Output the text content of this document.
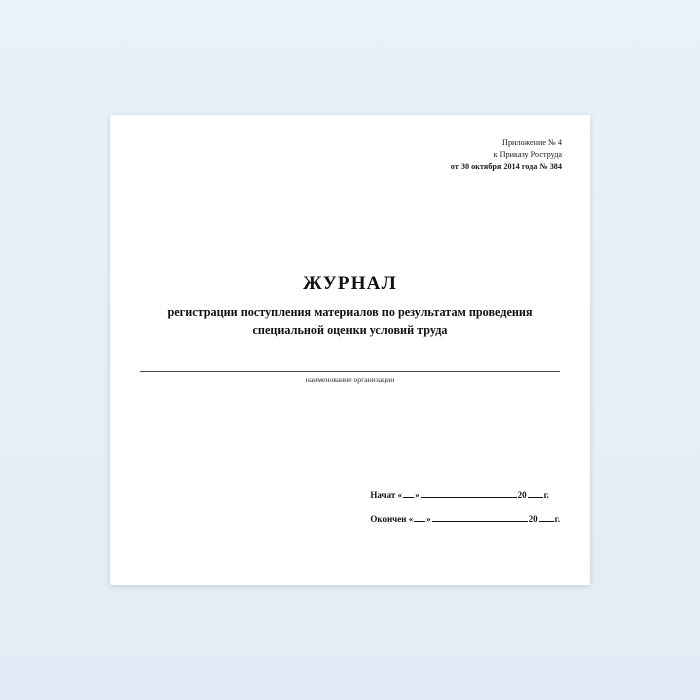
Приложение № 4
к Приказу Роструда
от 30 октября 2014 года № 384
ЖУРНАЛ
регистрации поступления материалов по результатам проведения
специальной оценки условий труда
наименование организации
Начат « »	20 г.
Окончен « »	20 г.
